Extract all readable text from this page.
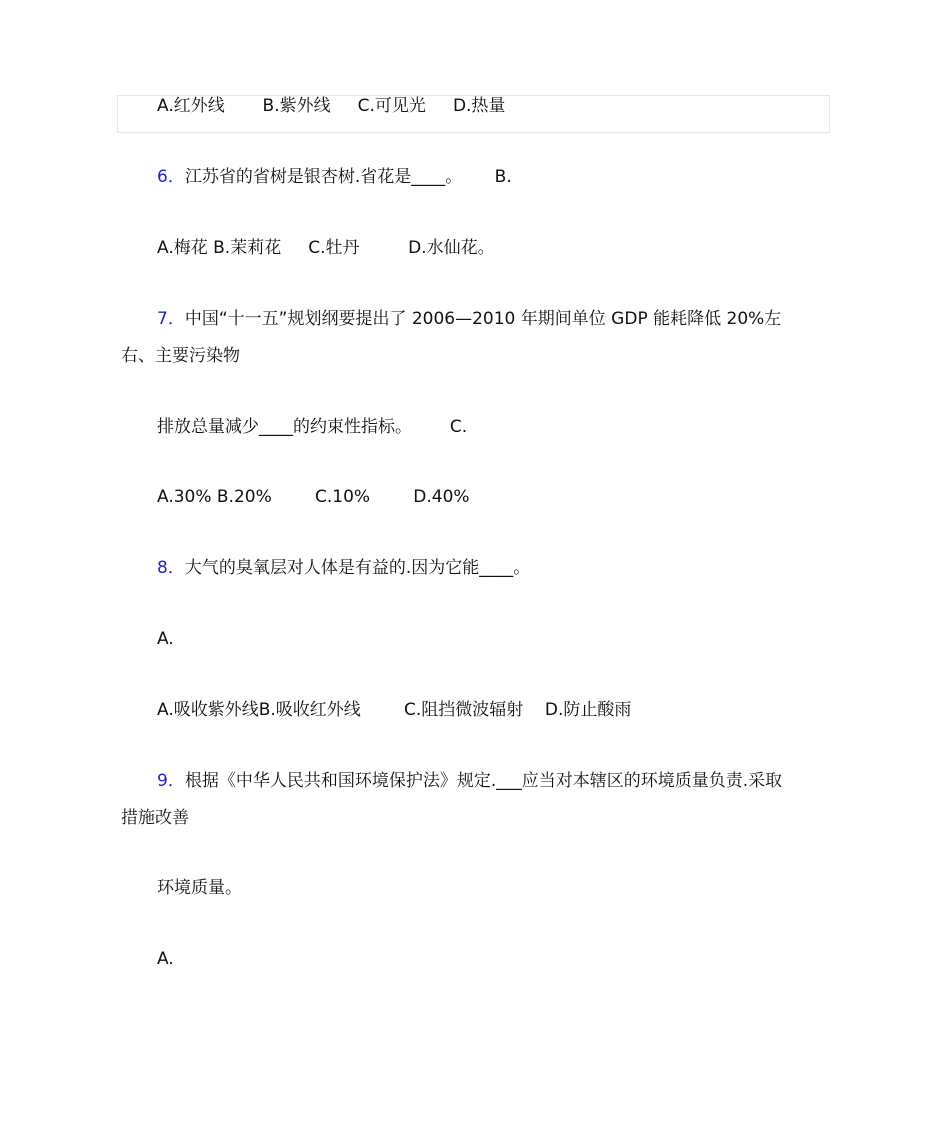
A.红外线       B.紫外线     C.可见光     D.热量
6．江苏省的省树是银杏树.省花是____。      B.
A.梅花 B.茉莉花     C.牡丹         D.水仙花。
7．中国“十一五”规划纲要提出了 2006—2010 年期间单位 GDP 能耗降低 20%左
右、主要污染物
排放总量减少____的约束性指标。       C.
A.30% B.20%        C.10%        D.40%
8．大气的臭氧层对人体是有益的.因为它能____。
A.
A.吸收紫外线B.吸收红外线        C.阻挡微波辐射    D.防止酸雨
9．根据《中华人民共和国环境保护法》规定.___应当对本辖区的环境质量负责.采取
措施改善
环境质量。
A.
